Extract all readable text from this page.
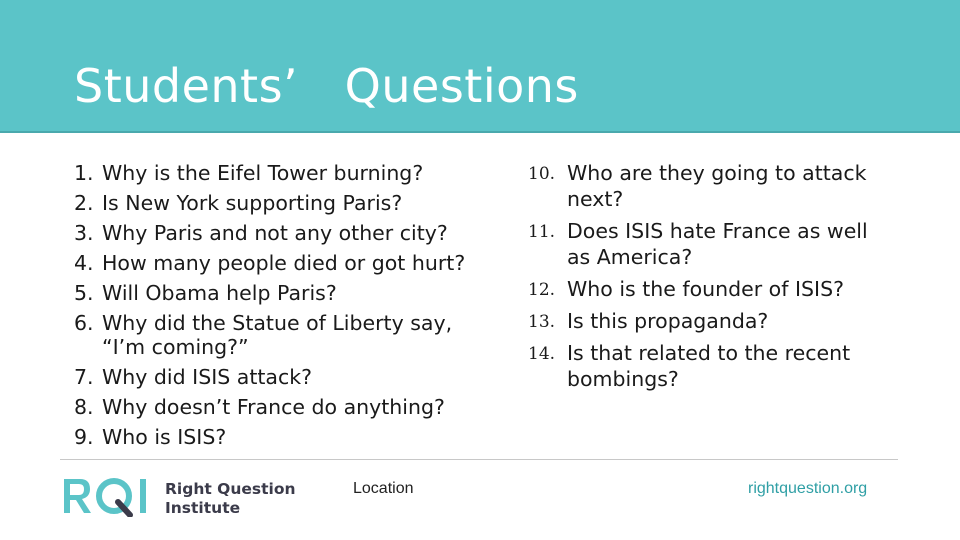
Students’　Questions
1. Why is the Eifel Tower burning?
2. Is New York supporting Paris?
3. Why Paris and not any other city?
4. How many people died or got hurt?
5. Will Obama help Paris?
6. Why did the Statue of Liberty say, “I’m coming?”
7. Why did ISIS attack?
8. Why doesn’t France do anything?
9. Who is ISIS?
10. Who are they going to attack next?
11. Does ISIS hate France as well as America?
12. Who is the founder of ISIS?
13. Is this propaganda?
14. Is that related to the recent bombings?
Right Question
Institute
Location	rightquestion.org
